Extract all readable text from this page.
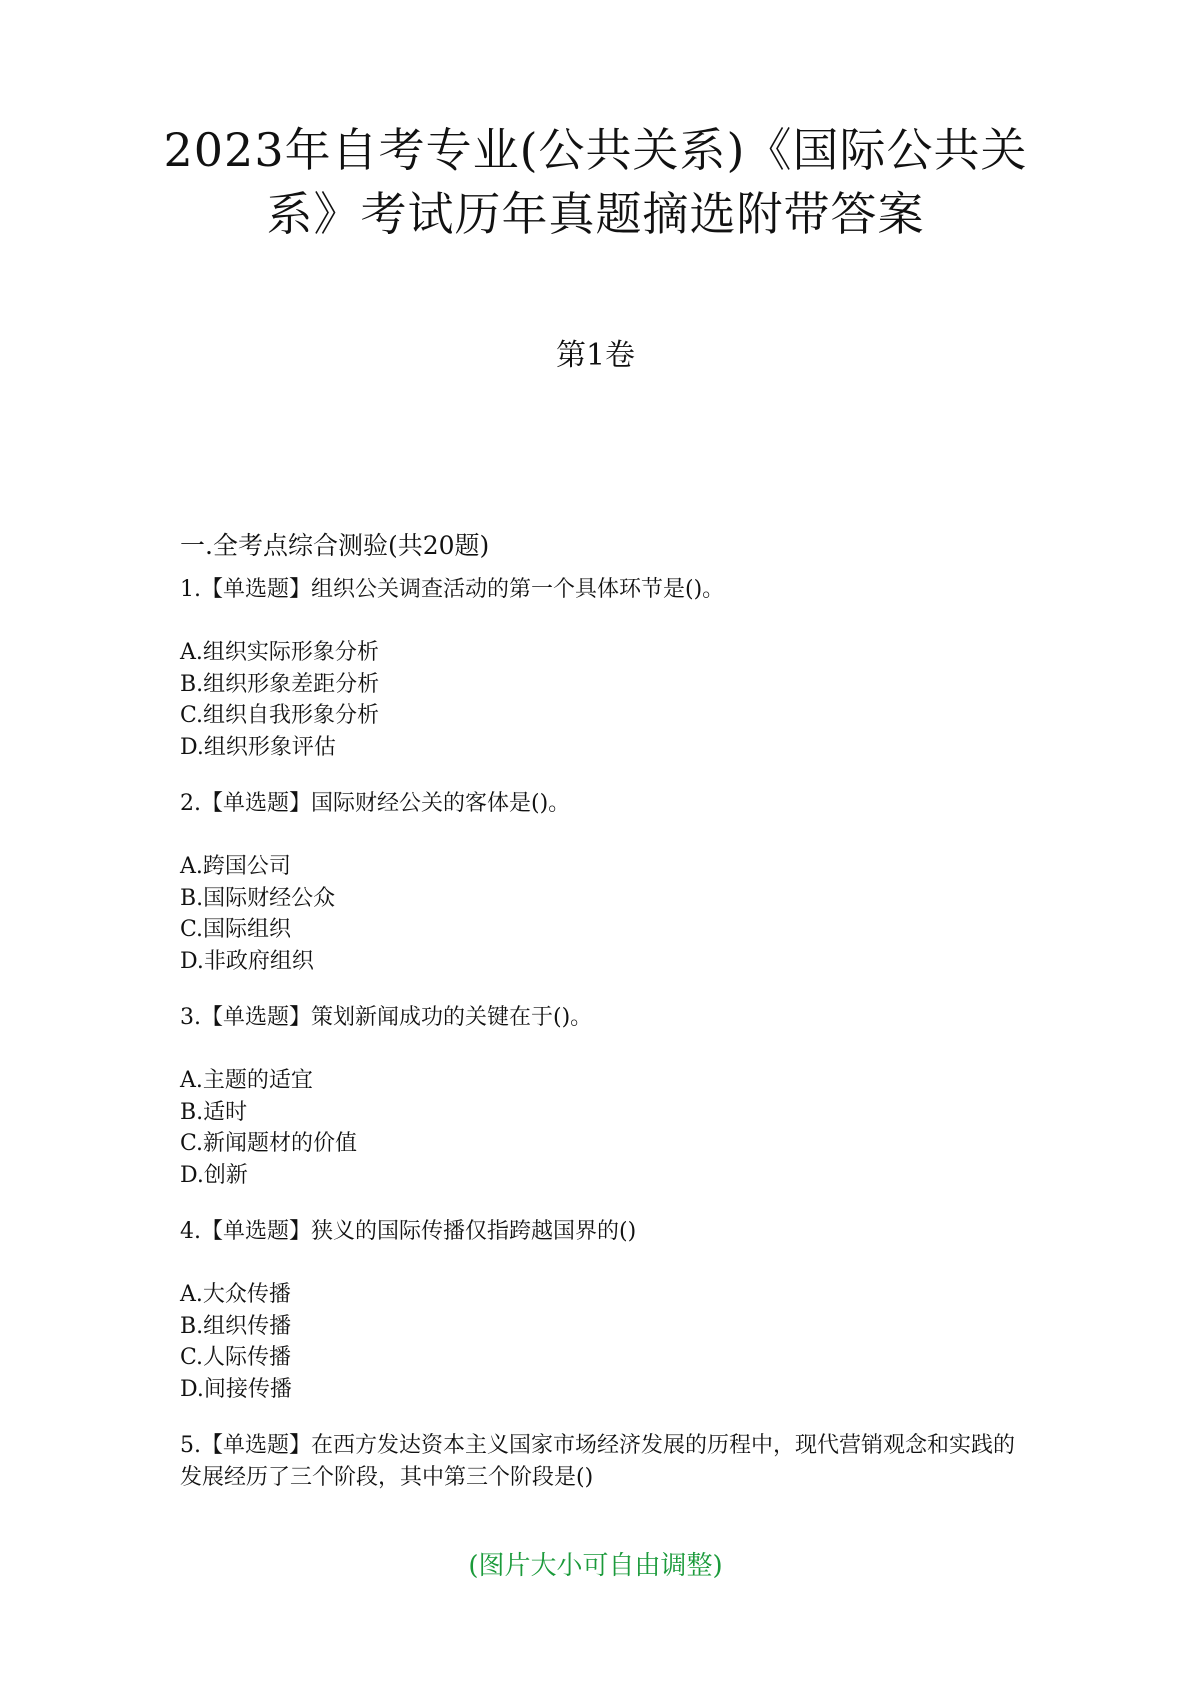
2023年自考专业(公共关系)《国际公共关系》考试历年真题摘选附带答案
第1卷
一.全考点综合测验(共20题)
1.【单选题】组织公关调查活动的第一个具体环节是()。
A.组织实际形象分析
B.组织形象差距分析
C.组织自我形象分析
D.组织形象评估
2.【单选题】国际财经公关的客体是()。
A.跨国公司
B.国际财经公众
C.国际组织
D.非政府组织
3.【单选题】策划新闻成功的关键在于()。
A.主题的适宜
B.适时
C.新闻题材的价值
D.创新
4.【单选题】狭义的国际传播仅指跨越国界的()
A.大众传播
B.组织传播
C.人际传播
D.间接传播
5.【单选题】在西方发达资本主义国家市场经济发展的历程中，现代营销观念和实践的发展经历了三个阶段，其中第三个阶段是()
(图片大小可自由调整)
